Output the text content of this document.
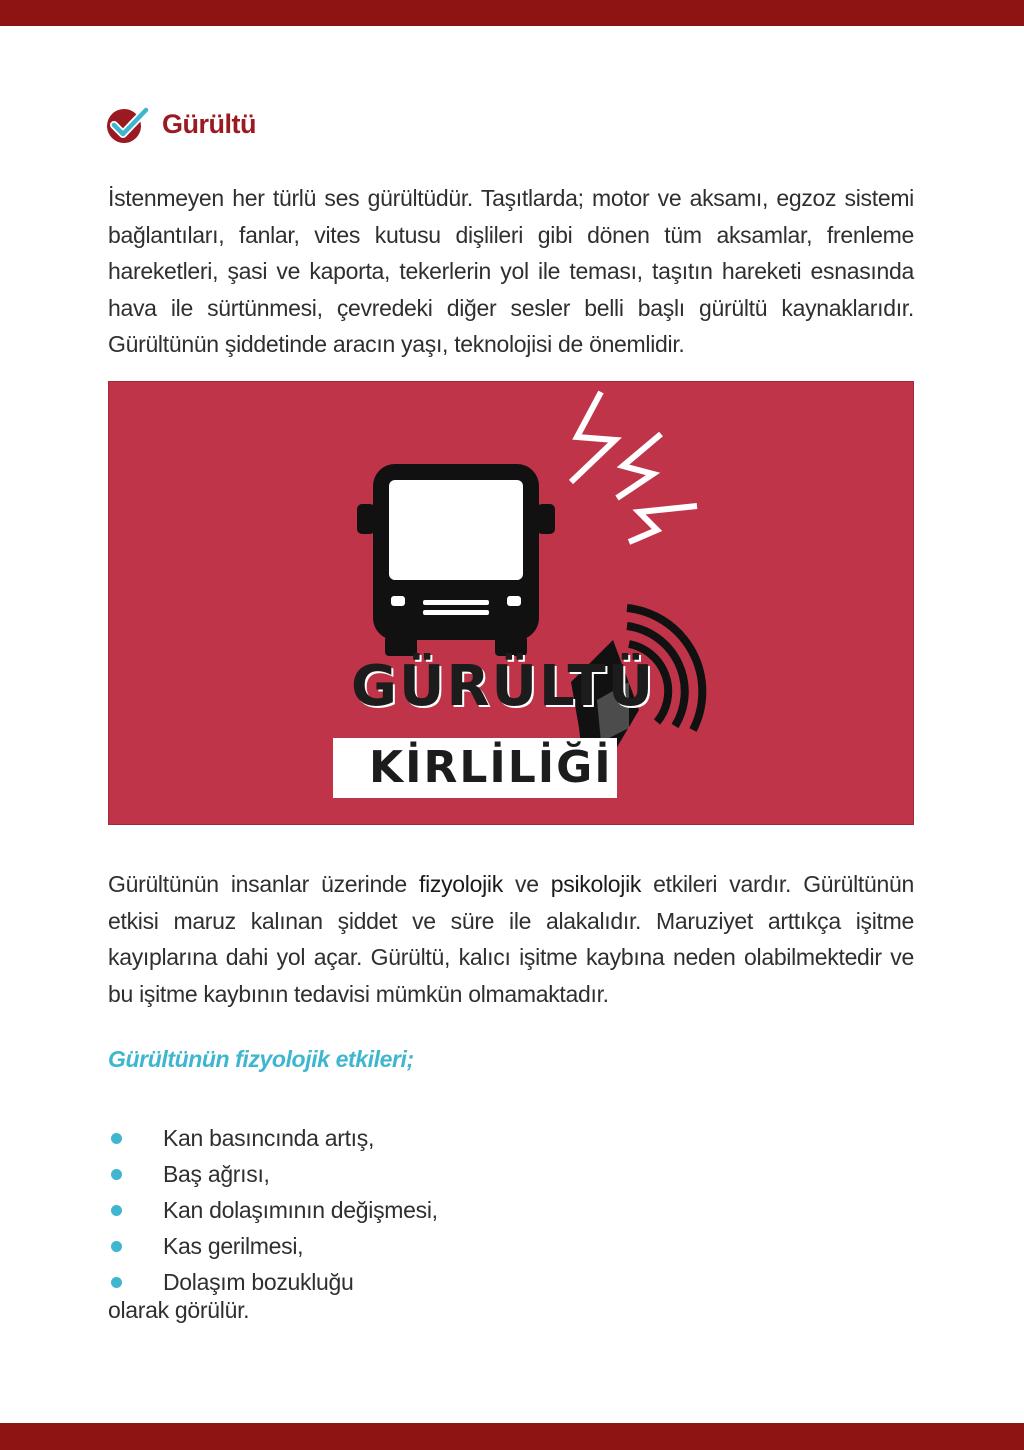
Gürültü

İstenmeyen her türlü ses gürültüdür. Taşıtlarda; motor ve aksamı, egzoz sistemi bağlantıları, fanlar, vites kutusu dişlileri gibi dönen tüm aksamlar, frenleme hareketleri, şasi ve kaporta, tekerlerin yol ile teması, taşıtın hareketi esnasında hava ile sürtünmesi, çevredeki diğer sesler belli başlı gürültü kaynaklarıdır. Gürültünün şiddetinde aracın yaşı, teknolojisi de önemlidir.

GÜRÜLTÜ
KİRLİLİĞİ

Gürültünün insanlar üzerinde fizyolojik ve psikolojik etkileri vardır. Gürültünün etkisi maruz kalınan şiddet ve süre ile alakalıdır. Maruziyet arttıkça işitme kayıplarına dahi yol açar. Gürültü, kalıcı işitme kaybına neden olabilmektedir ve bu işitme kaybının tedavisi mümkün olmamaktadır.

Gürültünün fizyolojik etkileri;
Kan basıncında artış,
Baş ağrısı,
Kan dolaşımının değişmesi,
Kas gerilmesi,
Dolaşım bozukluğu
olarak görülür.
